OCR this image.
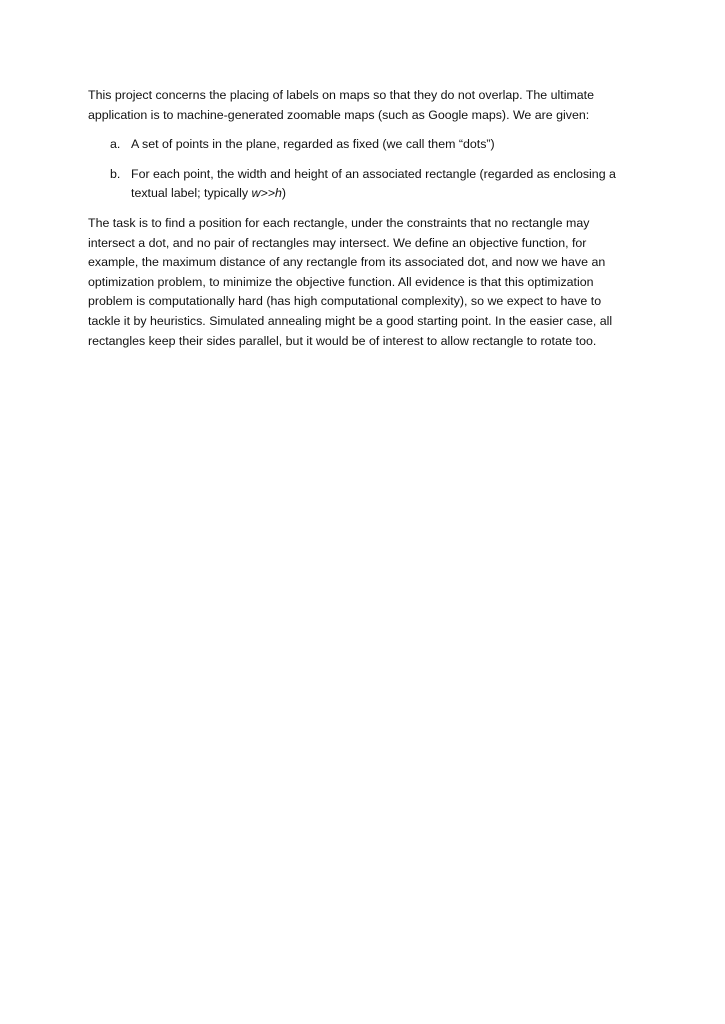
This project concerns the placing of labels on maps so that they do not overlap. The ultimate application is to machine-generated zoomable maps (such as Google maps). We are given:

a. A set of points in the plane, regarded as fixed (we call them “dots”)
b. For each point, the width and height of an associated rectangle (regarded as enclosing a textual label; typically w>>h)

The task is to find a position for each rectangle, under the constraints that no rectangle may intersect a dot, and no pair of rectangles may intersect. We define an objective function, for example, the maximum distance of any rectangle from its associated dot, and now we have an optimization problem, to minimize the objective function. All evidence is that this optimization problem is computationally hard (has high computational complexity), so we expect to have to tackle it by heuristics. Simulated annealing might be a good starting point. In the easier case, all rectangles keep their sides parallel, but it would be of interest to allow rectangle to rotate too.
